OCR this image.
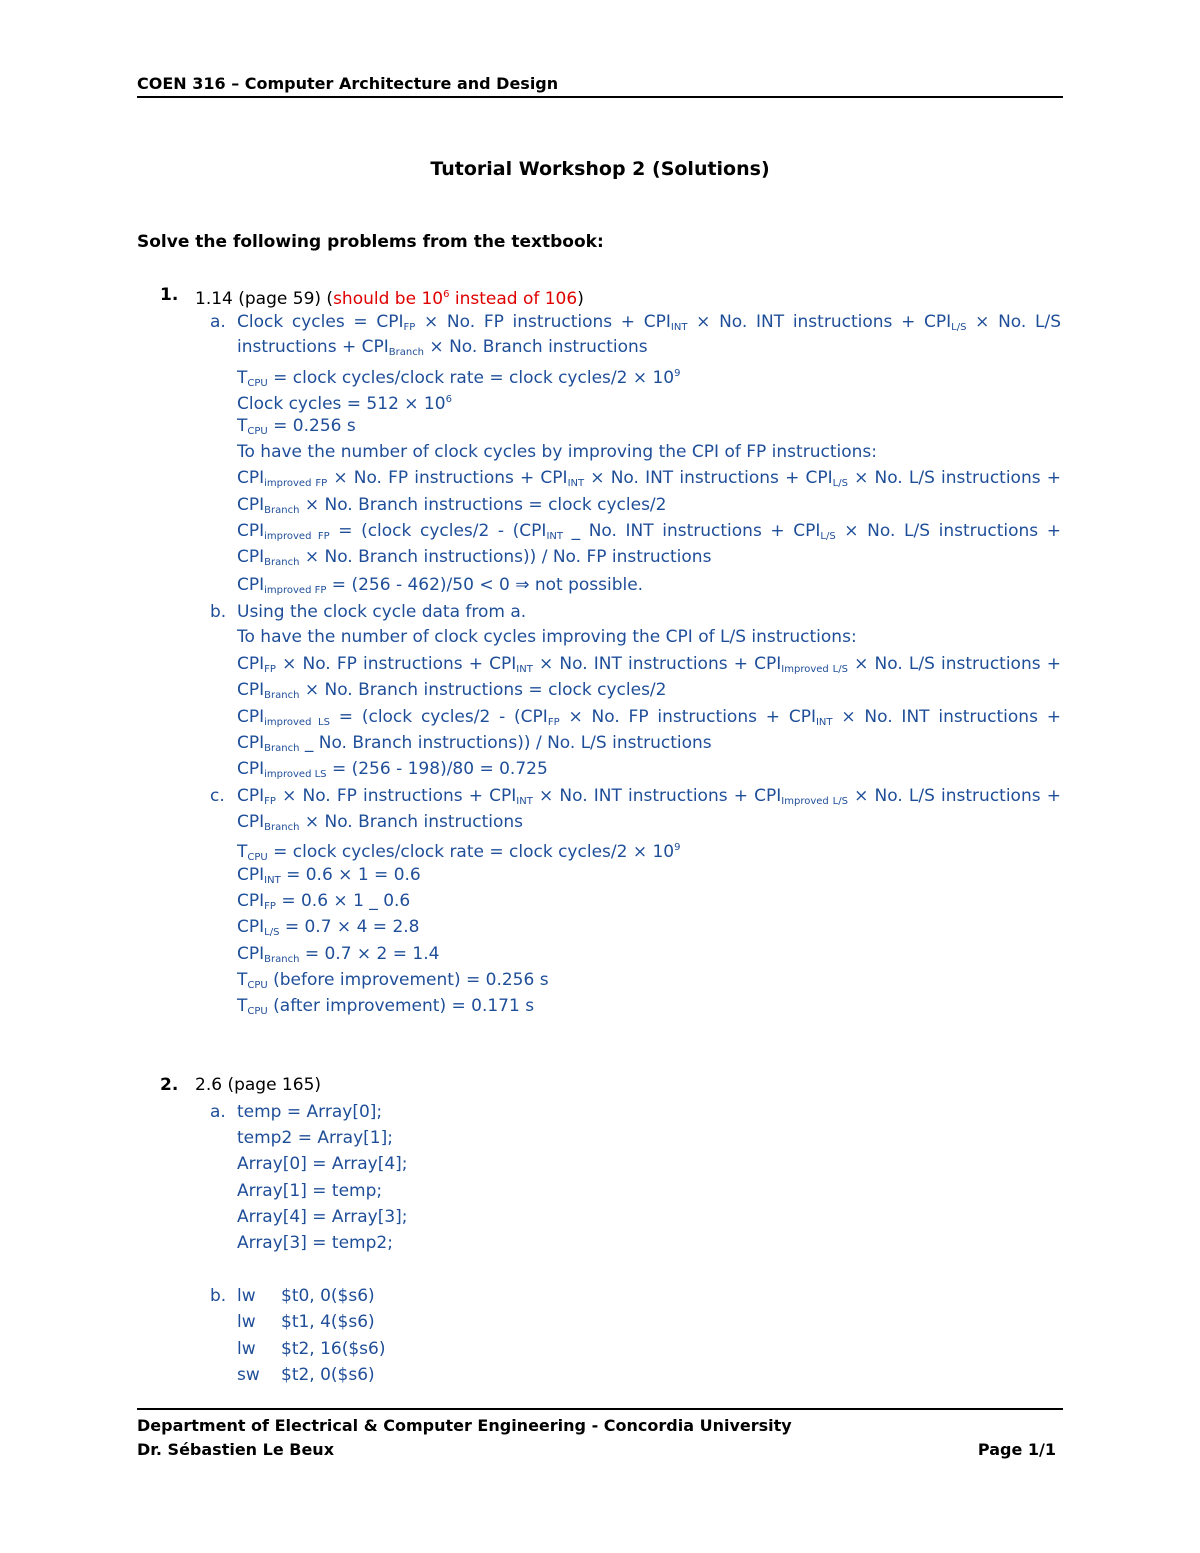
COEN 316 – Computer Architecture and Design
Tutorial Workshop 2 (Solutions)
Solve the following problems from the textbook:
1. 1.14 (page 59) (should be $10^6$ instead of 106)
a. Clock cycles = $CPI_{FP} \times No$. FP instructions + $CPI_{INT} \times No$. INT instructions + $CPI_{L/S} \times No$. L/S
instructions + $CPI_{Branch} \times No$. Branch instructions
$T_{CPU}$ = clock cycles/clock rate = clock cycles/2 × $10^9$
Clock cycles = $512 \times 10^6$
$T_{CPU} = 0.256$ s
To have the number of clock cycles by improving the CPI of FP instructions:
$CPI_{improved FP} \times No$. FP instructions + $CPI_{INT} \times No$. INT instructions + $CPI_{L/S} \times No$. L/S instructions +
$CPI_{Branch} \times No$. Branch instructions = clock cycles/2
$CPI_{improved FP}$ = (clock cycles/2 - ($CPI_{INT}$ _ No. INT instructions + $CPI_{L/S} \times No$. L/S instructions +
$CPI_{Branch} \times No$. Branch instructions)) / No. FP instructions
$CPI_{improved FP} = (256 - 462)/50 < 0$ ⇒ not possible.
b. Using the clock cycle data from a.
To have the number of clock cycles improving the CPI of L/S instructions:
$CPI_{FP} \times No$. FP instructions + $CPI_{INT} \times No$. INT instructions + $CPI_{Improved L/S} \times No$. L/S instructions +
$CPI_{Branch} \times No$. Branch instructions = clock cycles/2
$CPI_{improved LS}$ = (clock cycles/2 - ($CPI_{FP} \times No$. FP instructions + $CPI_{INT} \times No$. INT instructions +
$CPI_{Branch}$ _ No. Branch instructions)) / No. L/S instructions
$CPI_{improved LS} = (256 - 198)/80 = 0.725$
c. $CPI_{FP} \times No$. FP instructions + $CPI_{INT} \times No$. INT instructions + $CPI_{Improved L/S} \times No$. L/S instructions +
$CPI_{Branch} \times No$. Branch instructions
$T_{CPU}$ = clock cycles/clock rate = clock cycles/2 × $10^9$
$CPI_{INT} = 0.6 \times 1 = 0.6$
$CPI_{FP} = 0.6 \times 1$ _ 0.6
$CPI_{L/S} = 0.7 \times 4 = 2.8$
$CPI_{Branch} = 0.7 \times 2 = 1.4$
$T_{CPU}$ (before improvement) = 0.256 s
$T_{CPU}$ (after improvement) = 0.171 s
2. 2.6 (page 165)
a. temp = Array[0];
temp2 = Array[1];
Array[0] = Array[4];
Array[1] = temp;
Array[4] = Array[3];
Array[3] = temp2;
b. lw $t0, 0($s6)
lw $t1, 4($s6)
lw $t2, 16($s6)
sw $t2, 0($s6)
Department of Electrical & Computer Engineering - Concordia University
Dr. Sébastien Le Beux	Page 1/1
